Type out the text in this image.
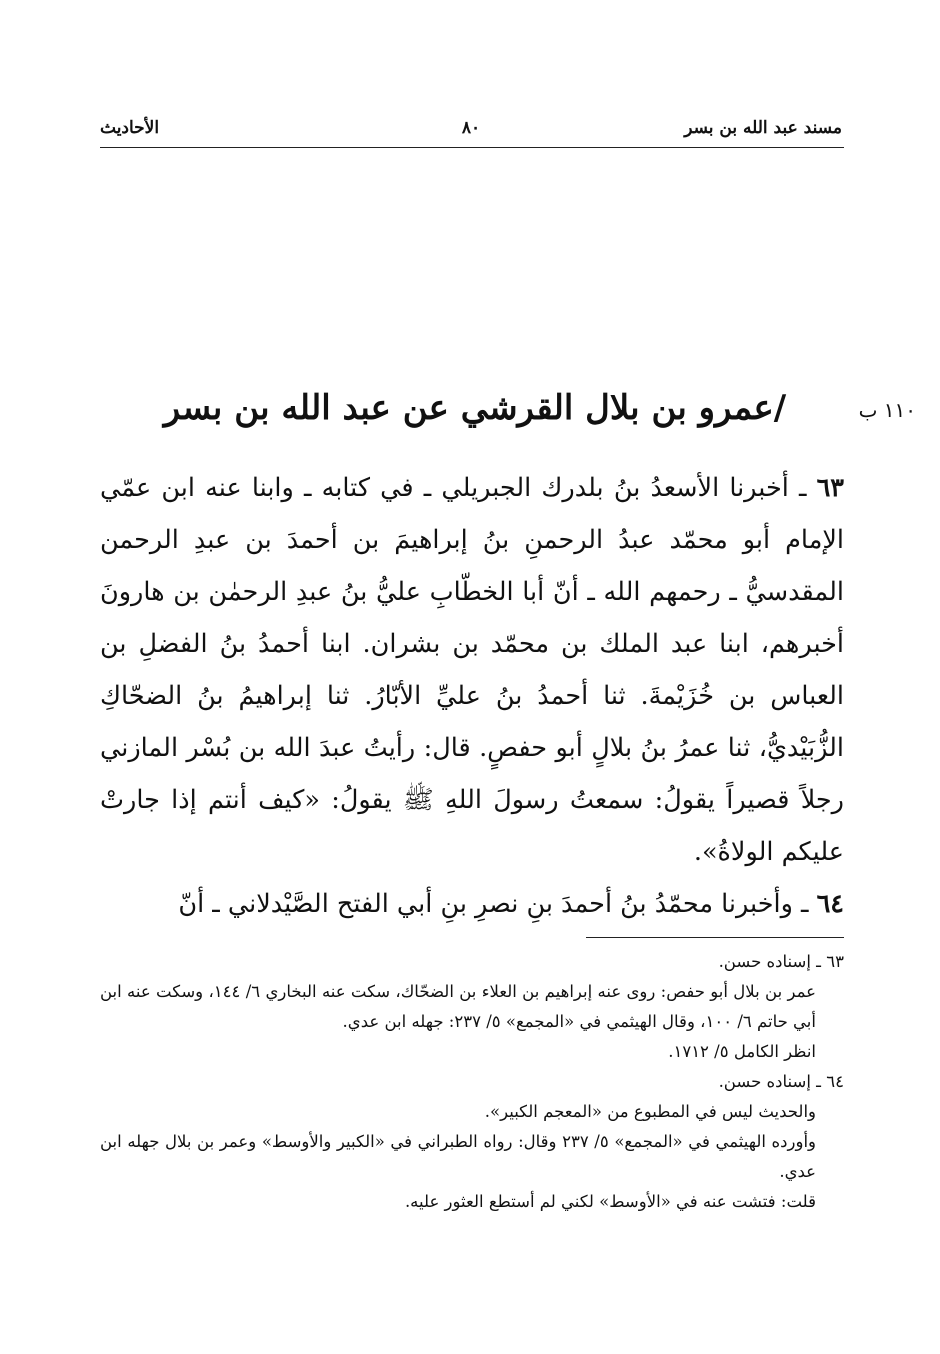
مسند عبد الله بن بسر
٨٠
الأحاديث
١١٠ ب
/عمرو بن بلال القرشي عن عبد الله بن بسر

٦٣ ـ أخبرنا الأسعدُ بنُ بلدرك الجبريلي ـ في كتابه ـ وابنا عنه ابن عمّي الإمام أبو محمّد عبدُ الرحمنِ بنُ إبراهيمَ بن أحمدَ بن عبدِ الرحمن المقدسيُّ ـ رحمهم الله ـ أنّ أبا الخطّابِ عليُّ بنُ عبدِ الرحمٰن بن هارونَ أخبرهم، ابنا عبد الملك بن محمّد بن بشران. ابنا أحمدُ بنُ الفضلِ بن العباس بن خُزَيْمةَ. ثنا أحمدُ بنُ عليِّ الأبّارُ. ثنا إبراهيمُ بنُ الضحّاكِ الزُّبَيْديُّ، ثنا عمرُ بنُ بلالٍ أبو حفصٍ. قال: رأيتُ عبدَ الله بن بُسْر المازني رجلاً قصيراً يقولُ: سمعتُ رسولَ اللهِ ﷺ يقولُ: «كيف أنتم إذا جارتْ عليكم الولاةُ».

٦٤ ـ وأخبرنا محمّدُ بنُ أحمدَ بنِ نصرِ بنِ أبي الفتح الصَّيْدلاني ـ أنّ

٦٣ ـ إسناده حسن.

عمر بن بلال أبو حفص: روى عنه إبراهيم بن العلاء بن الضحّاك، سكت عنه البخاري ٦/ ١٤٤، وسكت عنه ابن أبي حاتم ٦/ ١٠٠، وقال الهيثمي في «المجمع» ٥/ ٢٣٧: جهله ابن عدي.

انظر الكامل ٥/ ١٧١٢.

٦٤ ـ إسناده حسن.

والحديث ليس في المطبوع من «المعجم الكبير».

وأورده الهيثمي في «المجمع» ٥/ ٢٣٧ وقال: رواه الطبراني في «الكبير والأوسط» وعمر بن بلال جهله ابن عدي.

قلت: فتشت عنه في «الأوسط» لكني لم أستطع العثور عليه.
